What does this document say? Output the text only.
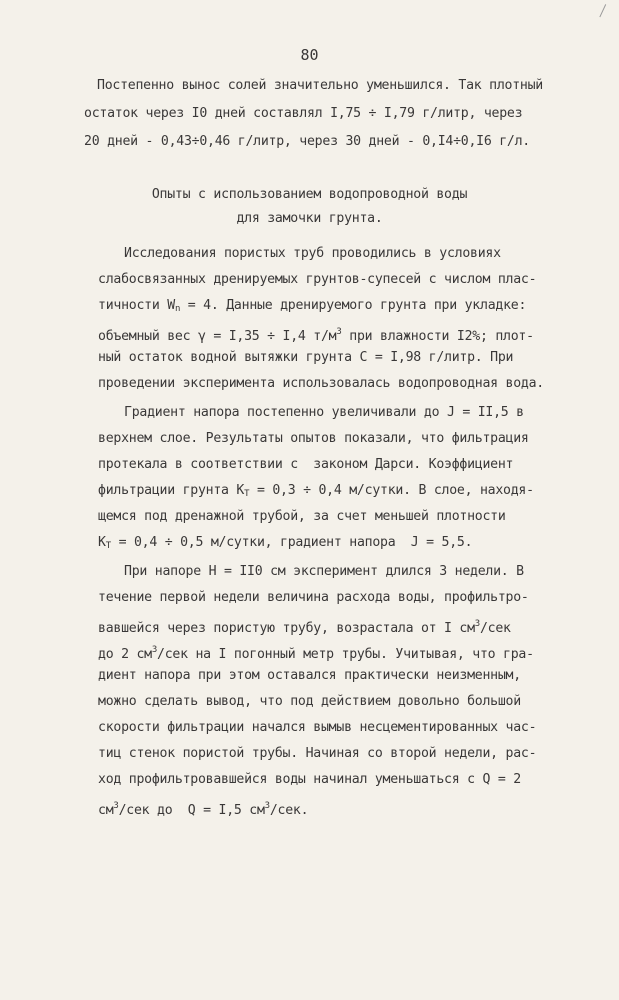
80
Постепенно вынос солей значительно уменьшился. Так плотный
остаток через I0 дней составлял I,75 ÷ I,79 г/литр, через
20 дней - 0,43÷0,46 г/литр, через 30 дней - 0,I4÷0,I6 г/л.
Опыты с использованием водопроводной воды
для замочки грунта.
Исследования пористых труб проводились в условиях
слабосвязанных дренируемых грунтов-супесей с числом плас-
тичности $W_n = 4$. Данные дренируемого грунта при укладке:
объемный вес γ = I,35 ÷ I,4 $т/м^3$ при влажности I2%; плот-
ный остаток водной вытяжки грунта С = I,98 г/литр. При
проведении эксперимента использовалась водопроводная вода.
Градиент напора постепенно увеличивали до J = II,5 в
верхнем слое. Результаты опытов показали, что фильтрация
протекала в соответствии с  законом Дарси. Коэффициент
фильтрации грунта $К_Т = 0,3 \div 0,4$ м/сутки. В слое, находя-
щемся под дренажной трубой, за счет меньшей плотности
$К_Т = 0,4 \div 0,5$ м/сутки, градиент напора  J = 5,5.
При напоре Н = II0 см эксперимент длился 3 недели. В
течение первой недели величина расхода воды, профильтро-
вавшейся через пористую трубу, возрастала от I $см^3$/сек
до 2 $см^3$/сек на I погонный метр трубы. Учитывая, что гра-
диент напора при этом оставался практически неизменным,
можно сделать вывод, что под действием довольно большой
скорости фильтрации начался вымыв несцементированных час-
тиц стенок пористой трубы. Начиная со второй недели, рас-
ход профильтровавшейся воды начинал уменьшаться с Q = 2
$см^3$/сек до  Q = I,5 $см^3$/сек.
